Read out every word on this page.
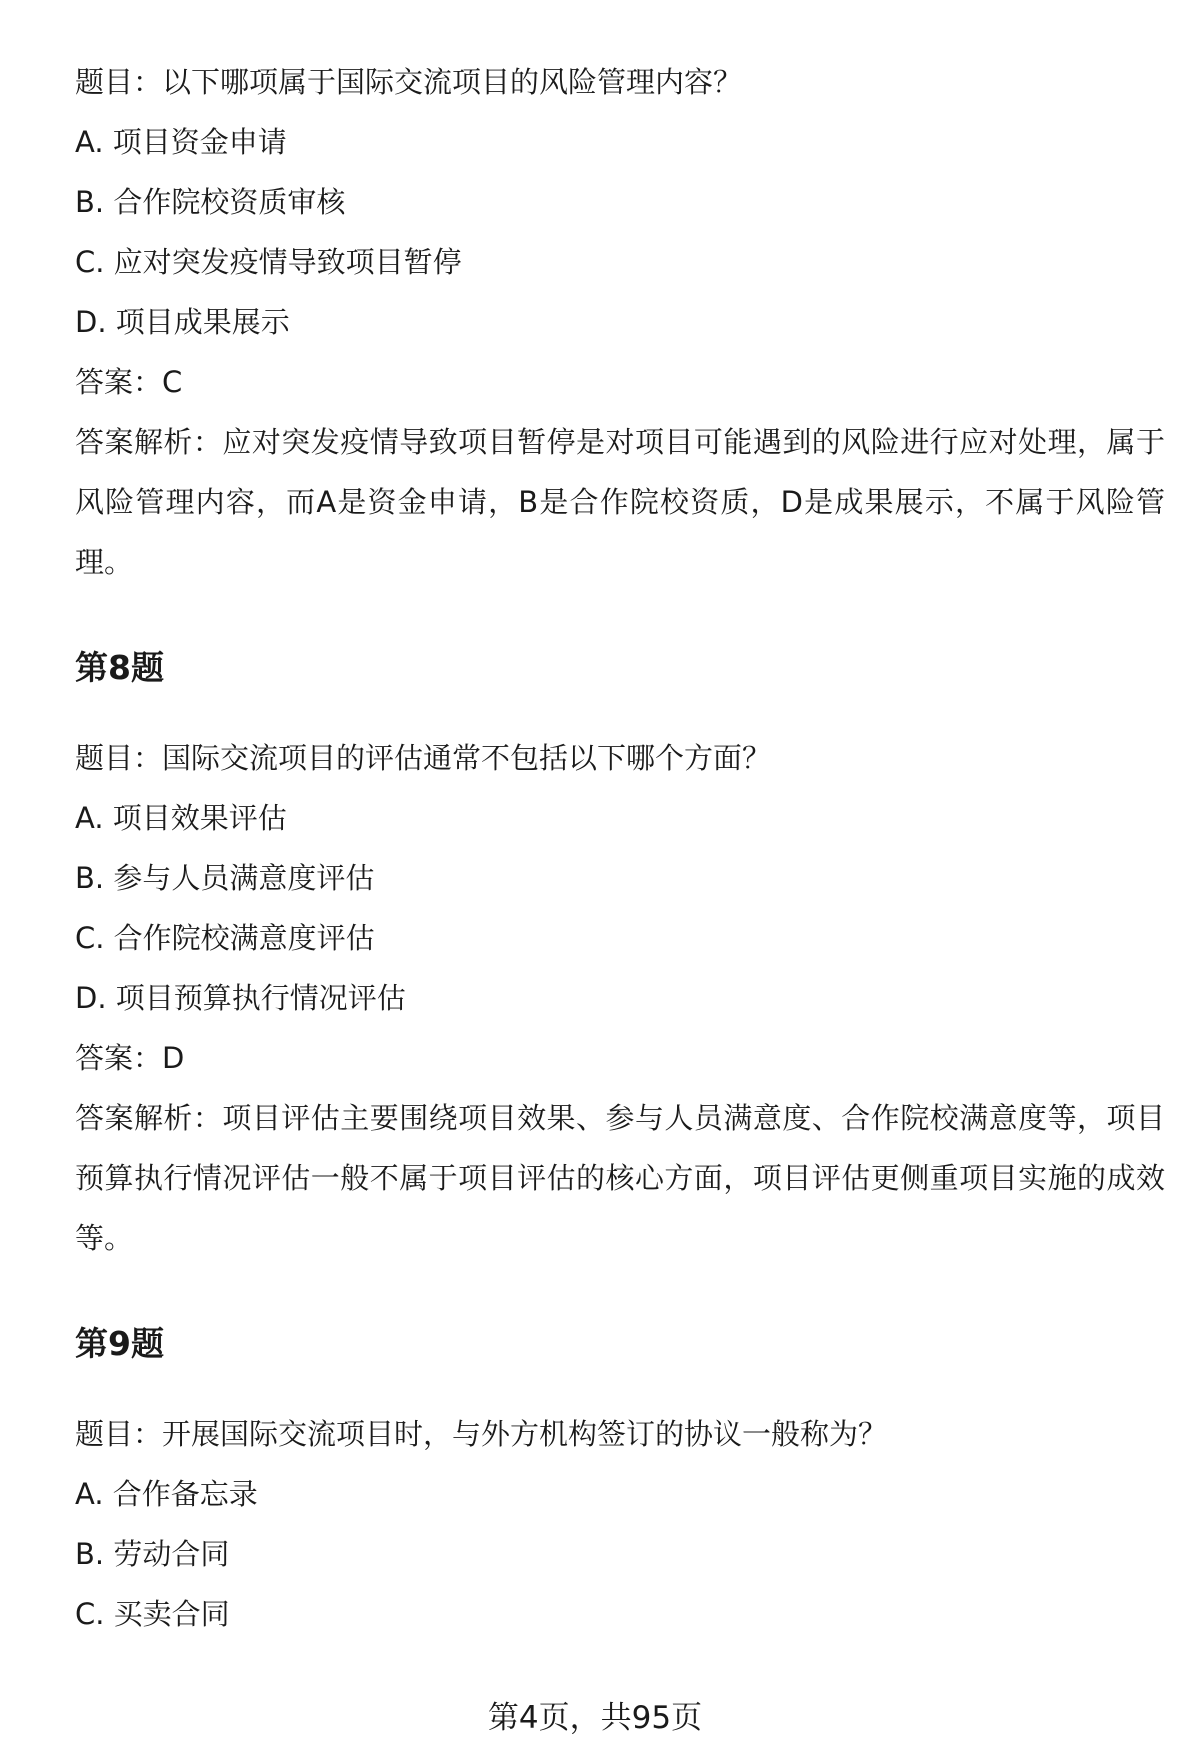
题目：以下哪项属于国际交流项目的风险管理内容？

A. 项目资金申请

B. 合作院校资质审核

C. 应对突发疫情导致项目暂停

D. 项目成果展示

答案：C

答案解析：应对突发疫情导致项目暂停是对项目可能遇到的风险进行应对处理，属于风险管理内容，而A是资金申请，B是合作院校资质，D是成果展示，不属于风险管理。

第8题

题目：国际交流项目的评估通常不包括以下哪个方面？

A. 项目效果评估

B. 参与人员满意度评估

C. 合作院校满意度评估

D. 项目预算执行情况评估

答案：D

答案解析：项目评估主要围绕项目效果、参与人员满意度、合作院校满意度等，项目预算执行情况评估一般不属于项目评估的核心方面，项目评估更侧重项目实施的成效等。

第9题

题目：开展国际交流项目时，与外方机构签订的协议一般称为？

A. 合作备忘录

B. 劳动合同

C. 买卖合同

第4页，共95页
